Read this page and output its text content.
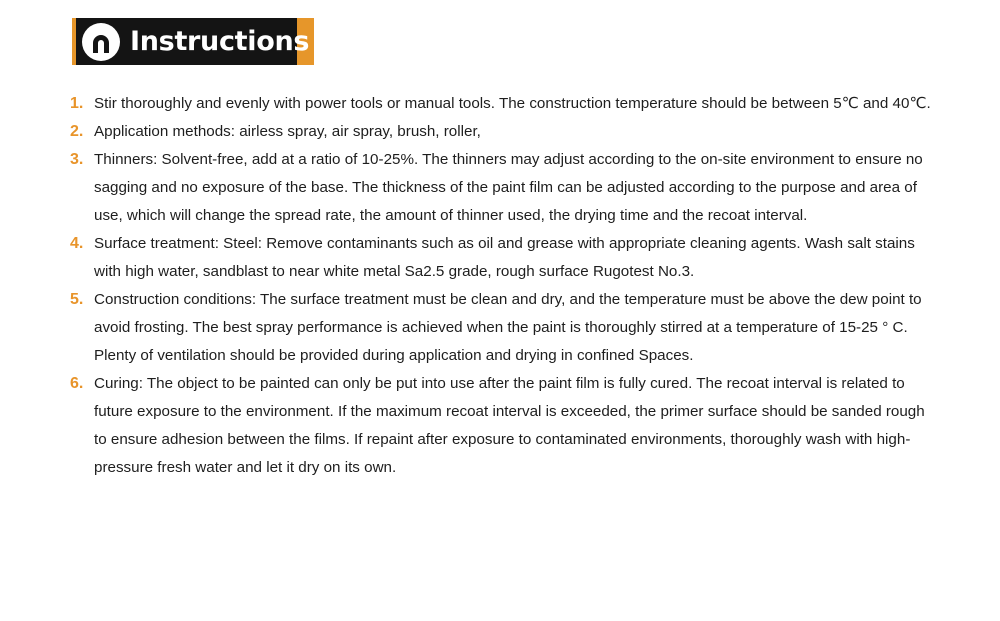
Instructions
1. Stir thoroughly and evenly with power tools or manual tools. The construction temperature should be between 5℃ and 40℃.
2. Application methods: airless spray, air spray, brush, roller,
3. Thinners: Solvent-free, add at a ratio of 10-25%. The thinners may adjust according to the on-site environment to ensure no sagging and no exposure of the base. The thickness of the paint film can be adjusted according to the purpose and area of use, which will change the spread rate, the amount of thinner used, the drying time and the recoat interval.
4. Surface treatment: Steel: Remove contaminants such as oil and grease with appropriate cleaning agents. Wash salt stains with high water, sandblast to near white metal Sa2.5 grade, rough surface Rugotest No.3.
5. Construction conditions: The surface treatment must be clean and dry, and the temperature must be above the dew point to avoid frosting. The best spray performance is achieved when the paint is thoroughly stirred at a temperature of 15-25 ° C. Plenty of ventilation should be provided during application and drying in confined Spaces.
6. Curing: The object to be painted can only be put into use after the paint film is fully cured. The recoat interval is related to future exposure to the environment. If the maximum recoat interval is exceeded, the primer surface should be sanded rough to ensure adhesion between the films. If repaint after exposure to contaminated environments, thoroughly wash with high-pressure fresh water and let it dry on its own.
